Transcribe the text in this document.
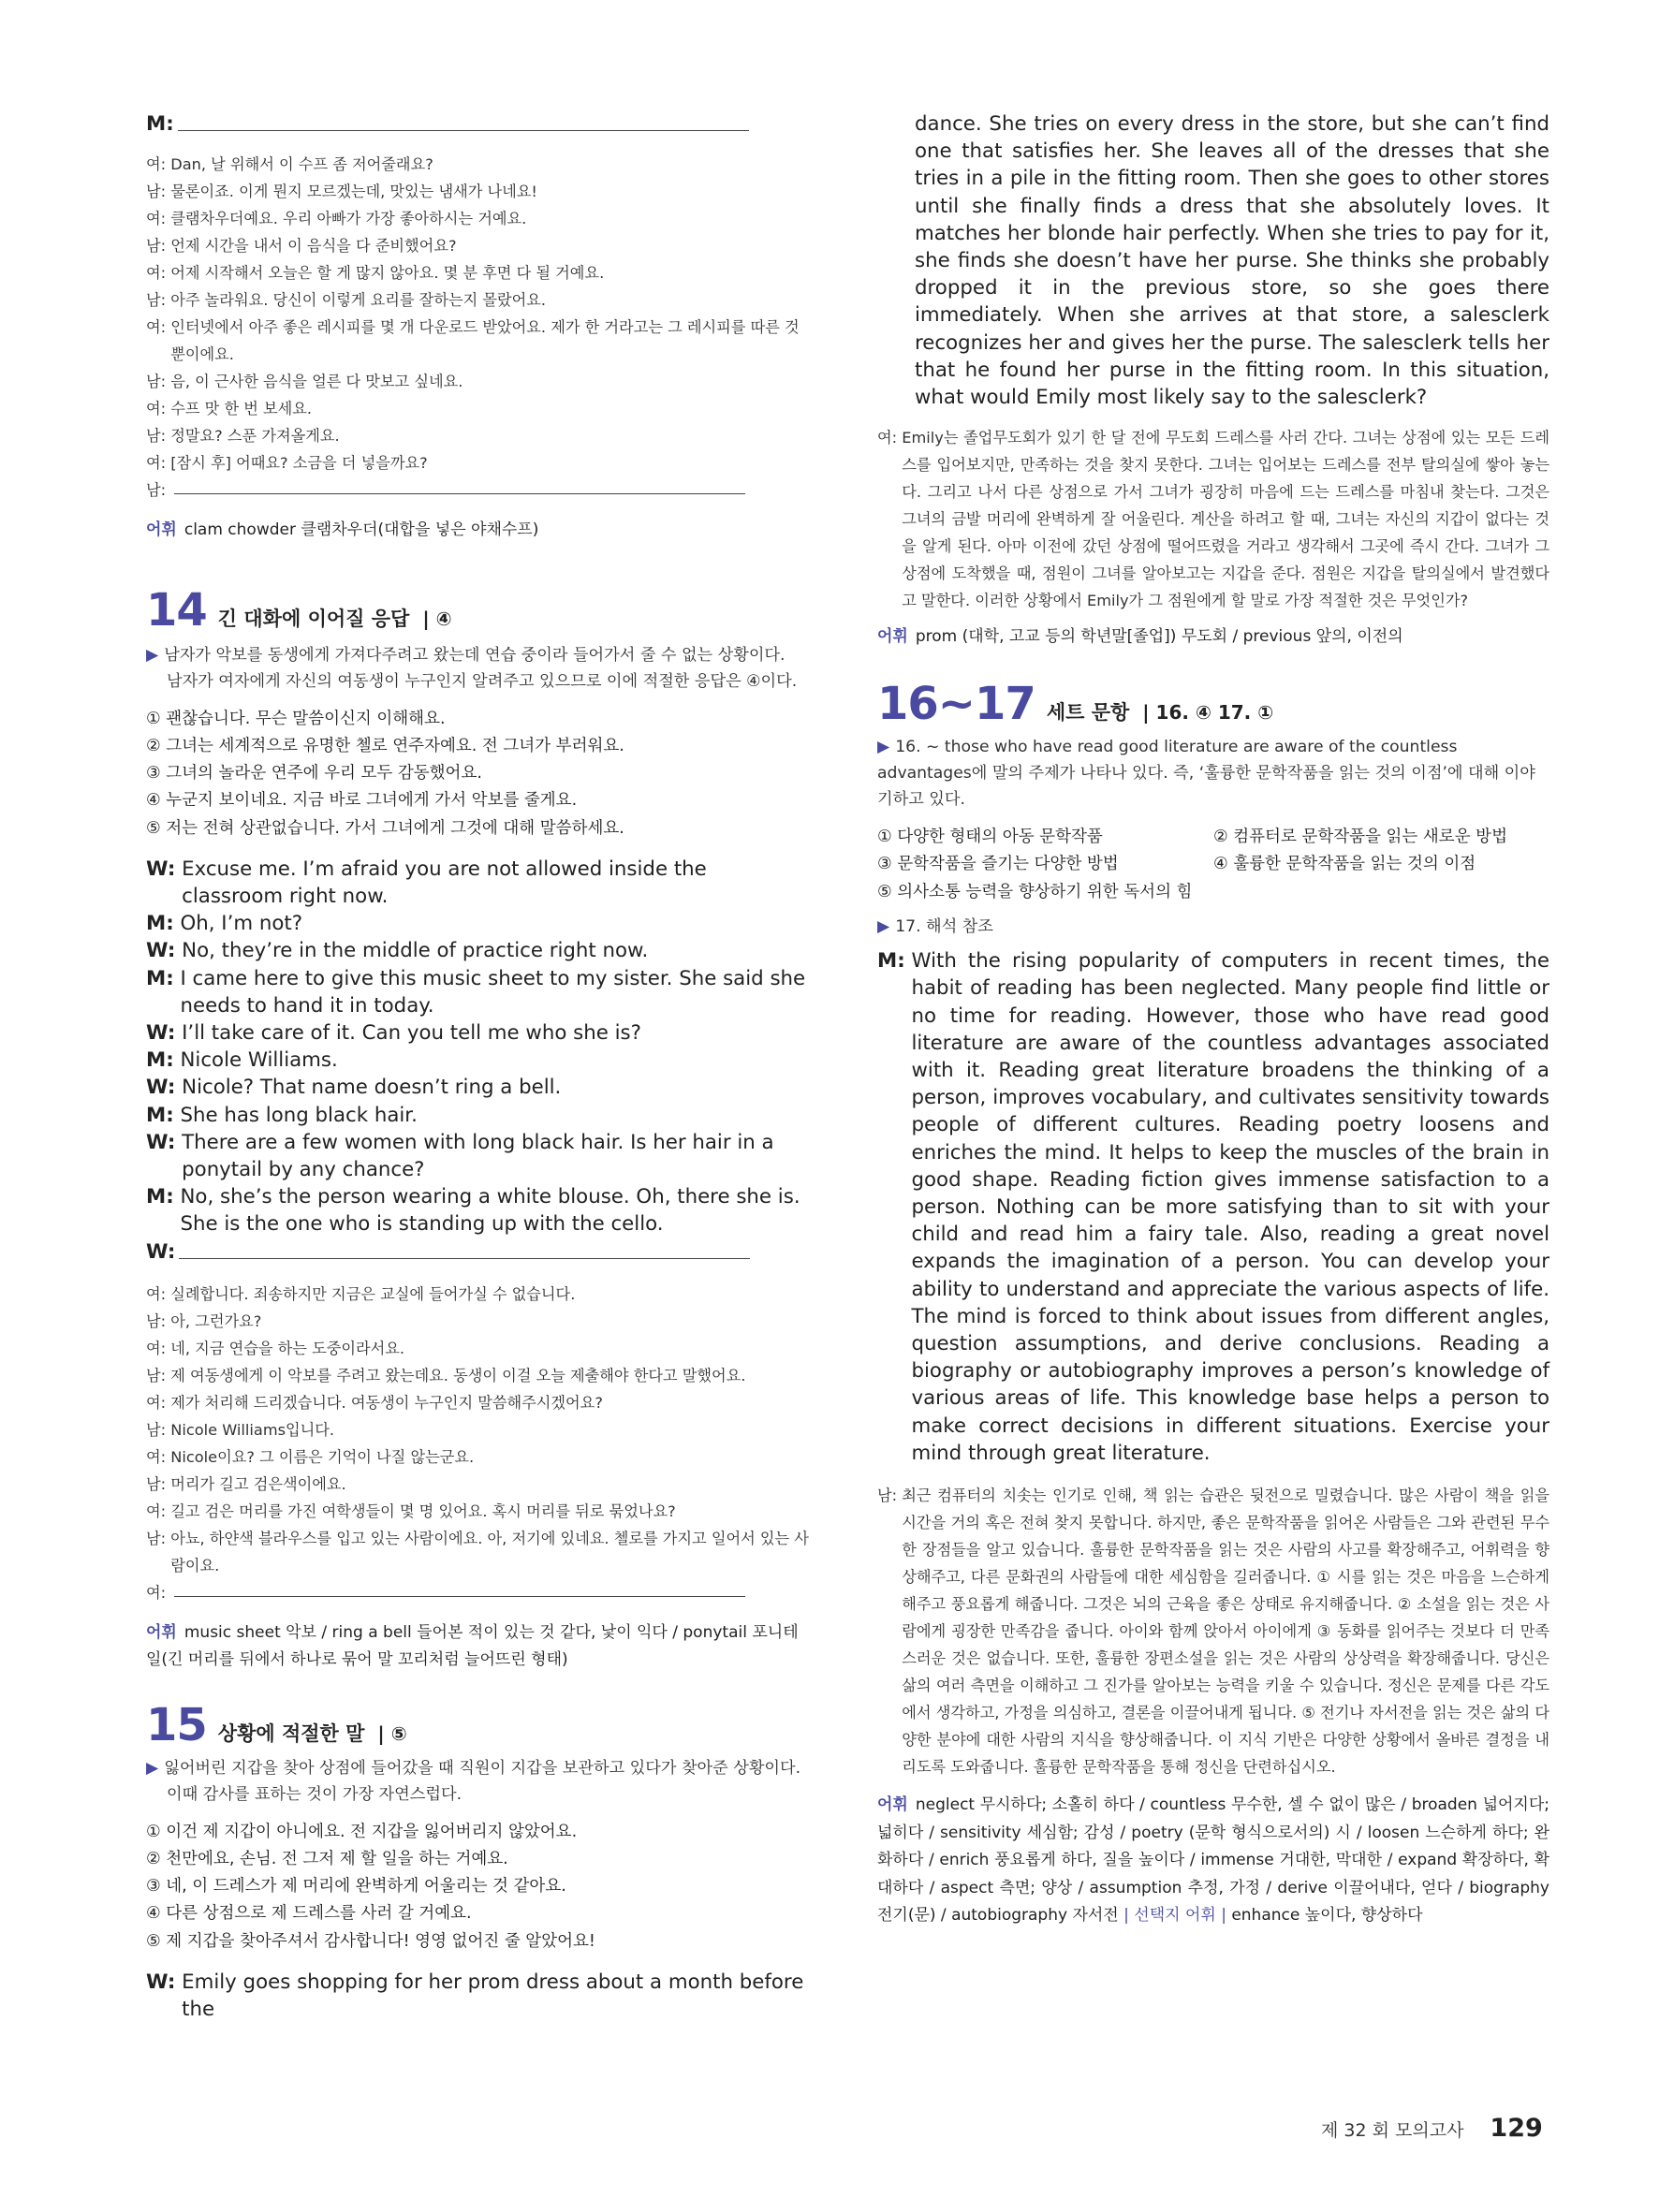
M:
여: Dan, 날 위해서 이 수프 좀 저어줄래요?
남: 물론이죠. 이게 뭔지 모르겠는데, 맛있는 냄새가 나네요!
여: 클램차우더예요. 우리 아빠가 가장 좋아하시는 거예요.
남: 언제 시간을 내서 이 음식을 다 준비했어요?
여: 어제 시작해서 오늘은 할 게 많지 않아요. 몇 분 후면 다 될 거예요.
남: 아주 놀라워요. 당신이 이렇게 요리를 잘하는지 몰랐어요.
여: 인터넷에서 아주 좋은 레시피를 몇 개 다운로드 받았어요. 제가 한 거라고는 그 레시피를 따른 것뿐이에요.
남: 음, 이 근사한 음식을 얼른 다 맛보고 싶네요.
여: 수프 맛 한 번 보세요.
남: 정말요? 스푼 가져올게요.
여: [잠시 후] 어때요? 소금을 더 넣을까요?
남:

어휘 clam chowder 클램차우더(대합을 넣은 야채수프)

14 긴 대화에 이어질 응답 | ④

▶ 남자가 악보를 동생에게 가져다주려고 왔는데 연습 중이라 들어가서 줄 수 없는 상황이다.
남자가 여자에게 자신의 여동생이 누구인지 알려주고 있으므로 이에 적절한 응답은 ④이다.

① 괜찮습니다. 무슨 말씀이신지 이해해요.
② 그녀는 세계적으로 유명한 첼로 연주자예요. 전 그녀가 부러워요.
③ 그녀의 놀라운 연주에 우리 모두 감동했어요.
④ 누군지 보이네요. 지금 바로 그녀에게 가서 악보를 줄게요.
⑤ 저는 전혀 상관없습니다. 가서 그녀에게 그것에 대해 말씀하세요.
W:
Excuse me. I’m afraid you are not allowed inside the classroom right now.
M:
Oh, I’m not?
W:
No, they’re in the middle of practice right now.
M:
I came here to give this music sheet to my sister. She said she needs to hand it in today.
W:
I’ll take care of it. Can you tell me who she is?
M:
Nicole Williams.
W:
Nicole? That name doesn’t ring a bell.
M:
She has long black hair.
W:
There are a few women with long black hair. Is her hair in a ponytail by any chance?
M:
No, she’s the person wearing a white blouse. Oh, there she is. She is the one who is standing up with the cello.
W:
여: 실례합니다. 죄송하지만 지금은 교실에 들어가실 수 없습니다.
남: 아, 그런가요?
여: 네, 지금 연습을 하는 도중이라서요.
남: 제 여동생에게 이 악보를 주려고 왔는데요. 동생이 이걸 오늘 제출해야 한다고 말했어요.
여: 제가 처리해 드리겠습니다. 여동생이 누구인지 말씀해주시겠어요?
남: Nicole Williams입니다.
여: Nicole이요? 그 이름은 기억이 나질 않는군요.
남: 머리가 길고 검은색이에요.
여: 길고 검은 머리를 가진 여학생들이 몇 명 있어요. 혹시 머리를 뒤로 묶었나요?
남: 아뇨, 하얀색 블라우스를 입고 있는 사람이에요. 아, 저기에 있네요. 첼로를 가지고 일어서 있는 사람이요.
여:

어휘 music sheet 악보 / ring a bell 들어본 적이 있는 것 같다, 낯이 익다 / ponytail 포니테일(긴 머리를 뒤에서 하나로 묶어 말 꼬리처럼 늘어뜨린 형태)

15 상황에 적절한 말 | ⑤

▶ 잃어버린 지갑을 찾아 상점에 들어갔을 때 직원이 지갑을 보관하고 있다가 찾아준 상황이다.
이때 감사를 표하는 것이 가장 자연스럽다.

① 이건 제 지갑이 아니에요. 전 지갑을 잃어버리지 않았어요.
② 천만에요, 손님. 전 그저 제 할 일을 하는 거예요.
③ 네, 이 드레스가 제 머리에 완벽하게 어울리는 것 같아요.
④ 다른 상점으로 제 드레스를 사러 갈 거예요.
⑤ 제 지갑을 찾아주셔서 감사합니다! 영영 없어진 줄 알았어요!
W:
Emily goes shopping for her prom dress about a month before the
dance. She tries on every dress in the store, but she can’t find one that satisfies her. She leaves all of the dresses that she tries in a pile in the fitting room. Then she goes to other stores until she finally finds a dress that she absolutely loves. It matches her blonde hair perfectly. When she tries to pay for it, she finds she doesn’t have her purse. She thinks she probably dropped it in the previous store, so she goes there immediately. When she arrives at that store, a salesclerk recognizes her and gives her the purse. The salesclerk tells her that he found her purse in the fitting room. In this situation, what would Emily most likely say to the salesclerk?
여:
Emily는 졸업무도회가 있기 한 달 전에 무도회 드레스를 사러 간다. 그녀는 상점에 있는 모든 드레스를 입어보지만, 만족하는 것을 찾지 못한다. 그녀는 입어보는 드레스를 전부 탈의실에 쌓아 놓는다. 그리고 나서 다른 상점으로 가서 그녀가 굉장히 마음에 드는 드레스를 마침내 찾는다. 그것은 그녀의 금발 머리에 완벽하게 잘 어울린다. 계산을 하려고 할 때, 그녀는 자신의 지갑이 없다는 것을 알게 된다. 아마 이전에 갔던 상점에 떨어뜨렸을 거라고 생각해서 그곳에 즉시 간다. 그녀가 그 상점에 도착했을 때, 점원이 그녀를 알아보고는 지갑을 준다. 점원은 지갑을 탈의실에서 발견했다고 말한다. 이러한 상황에서 Emily가 그 점원에게 할 말로 가장 적절한 것은 무엇인가?

어휘 prom (대학, 고교 등의 학년말[졸업]) 무도회 / previous 앞의, 이전의

16~17 세트 문항 | 16. ④ 17. ①

▶ 16. ~ those who have read good literature are aware of the countless advantages에 말의 주제가 나타나 있다. 즉, ‘훌륭한 문학작품을 읽는 것의 이점’에 대해 이야기하고 있다.

① 다양한 형태의 아동 문학작품	② 컴퓨터로 문학작품을 읽는 새로운 방법
③ 문학작품을 즐기는 다양한 방법	④ 훌륭한 문학작품을 읽는 것의 이점
⑤ 의사소통 능력을 향상하기 위한 독서의 힘

▶ 17. 해석 참조

M:
With the rising popularity of computers in recent times, the habit of reading has been neglected. Many people find little or no time for reading. However, those who have read good literature are aware of the countless advantages associated with it. Reading great literature broadens the thinking of a person, improves vocabulary, and cultivates sensitivity towards people of different cultures. Reading poetry loosens and enriches the mind. It helps to keep the muscles of the brain in good shape. Reading fiction gives immense satisfaction to a person. Nothing can be more satisfying than to sit with your child and read him a fairy tale. Also, reading a great novel expands the imagination of a person. You can develop your ability to understand and appreciate the various aspects of life. The mind is forced to think about issues from different angles, question assumptions, and derive conclusions. Reading a biography or autobiography improves a person’s knowledge of various areas of life. This knowledge base helps a person to make correct decisions in different situations. Exercise your mind through great literature.
남:
최근 컴퓨터의 치솟는 인기로 인해, 책 읽는 습관은 뒷전으로 밀렸습니다. 많은 사람이 책을 읽을 시간을 거의 혹은 전혀 찾지 못합니다. 하지만, 좋은 문학작품을 읽어온 사람들은 그와 관련된 무수한 장점들을 알고 있습니다. 훌륭한 문학작품을 읽는 것은 사람의 사고를 확장해주고, 어휘력을 향상해주고, 다른 문화권의 사람들에 대한 세심함을 길러줍니다. ① 시를 읽는 것은 마음을 느슨하게 해주고 풍요롭게 해줍니다. 그것은 뇌의 근육을 좋은 상태로 유지해줍니다. ② 소설을 읽는 것은 사람에게 굉장한 만족감을 줍니다. 아이와 함께 앉아서 아이에게 ③ 동화를 읽어주는 것보다 더 만족스러운 것은 없습니다. 또한, 훌륭한 장편소설을 읽는 것은 사람의 상상력을 확장해줍니다. 당신은 삶의 여러 측면을 이해하고 그 진가를 알아보는 능력을 키울 수 있습니다. 정신은 문제를 다른 각도에서 생각하고, 가정을 의심하고, 결론을 이끌어내게 됩니다. ⑤ 전기나 자서전을 읽는 것은 삶의 다양한 분야에 대한 사람의 지식을 향상해줍니다. 이 지식 기반은 다양한 상황에서 올바른 결정을 내리도록 도와줍니다. 훌륭한 문학작품을 통해 정신을 단련하십시오.

어휘 neglect 무시하다; 소홀히 하다 / countless 무수한, 셀 수 없이 많은 / broaden 넓어지다; 넓히다 / sensitivity 세심함; 감성 / poetry (문학 형식으로서의) 시 / loosen 느슨하게 하다; 완화하다 / enrich 풍요롭게 하다, 질을 높이다 / immense 거대한, 막대한 / expand 확장하다, 확대하다 / aspect 측면; 양상 / assumption 추정, 가정 / derive 이끌어내다, 얻다 / biography 전기(문) / autobiography 자서전 | 선택지 어휘 | enhance 높이다, 향상하다

제 32 회 모의고사 129
